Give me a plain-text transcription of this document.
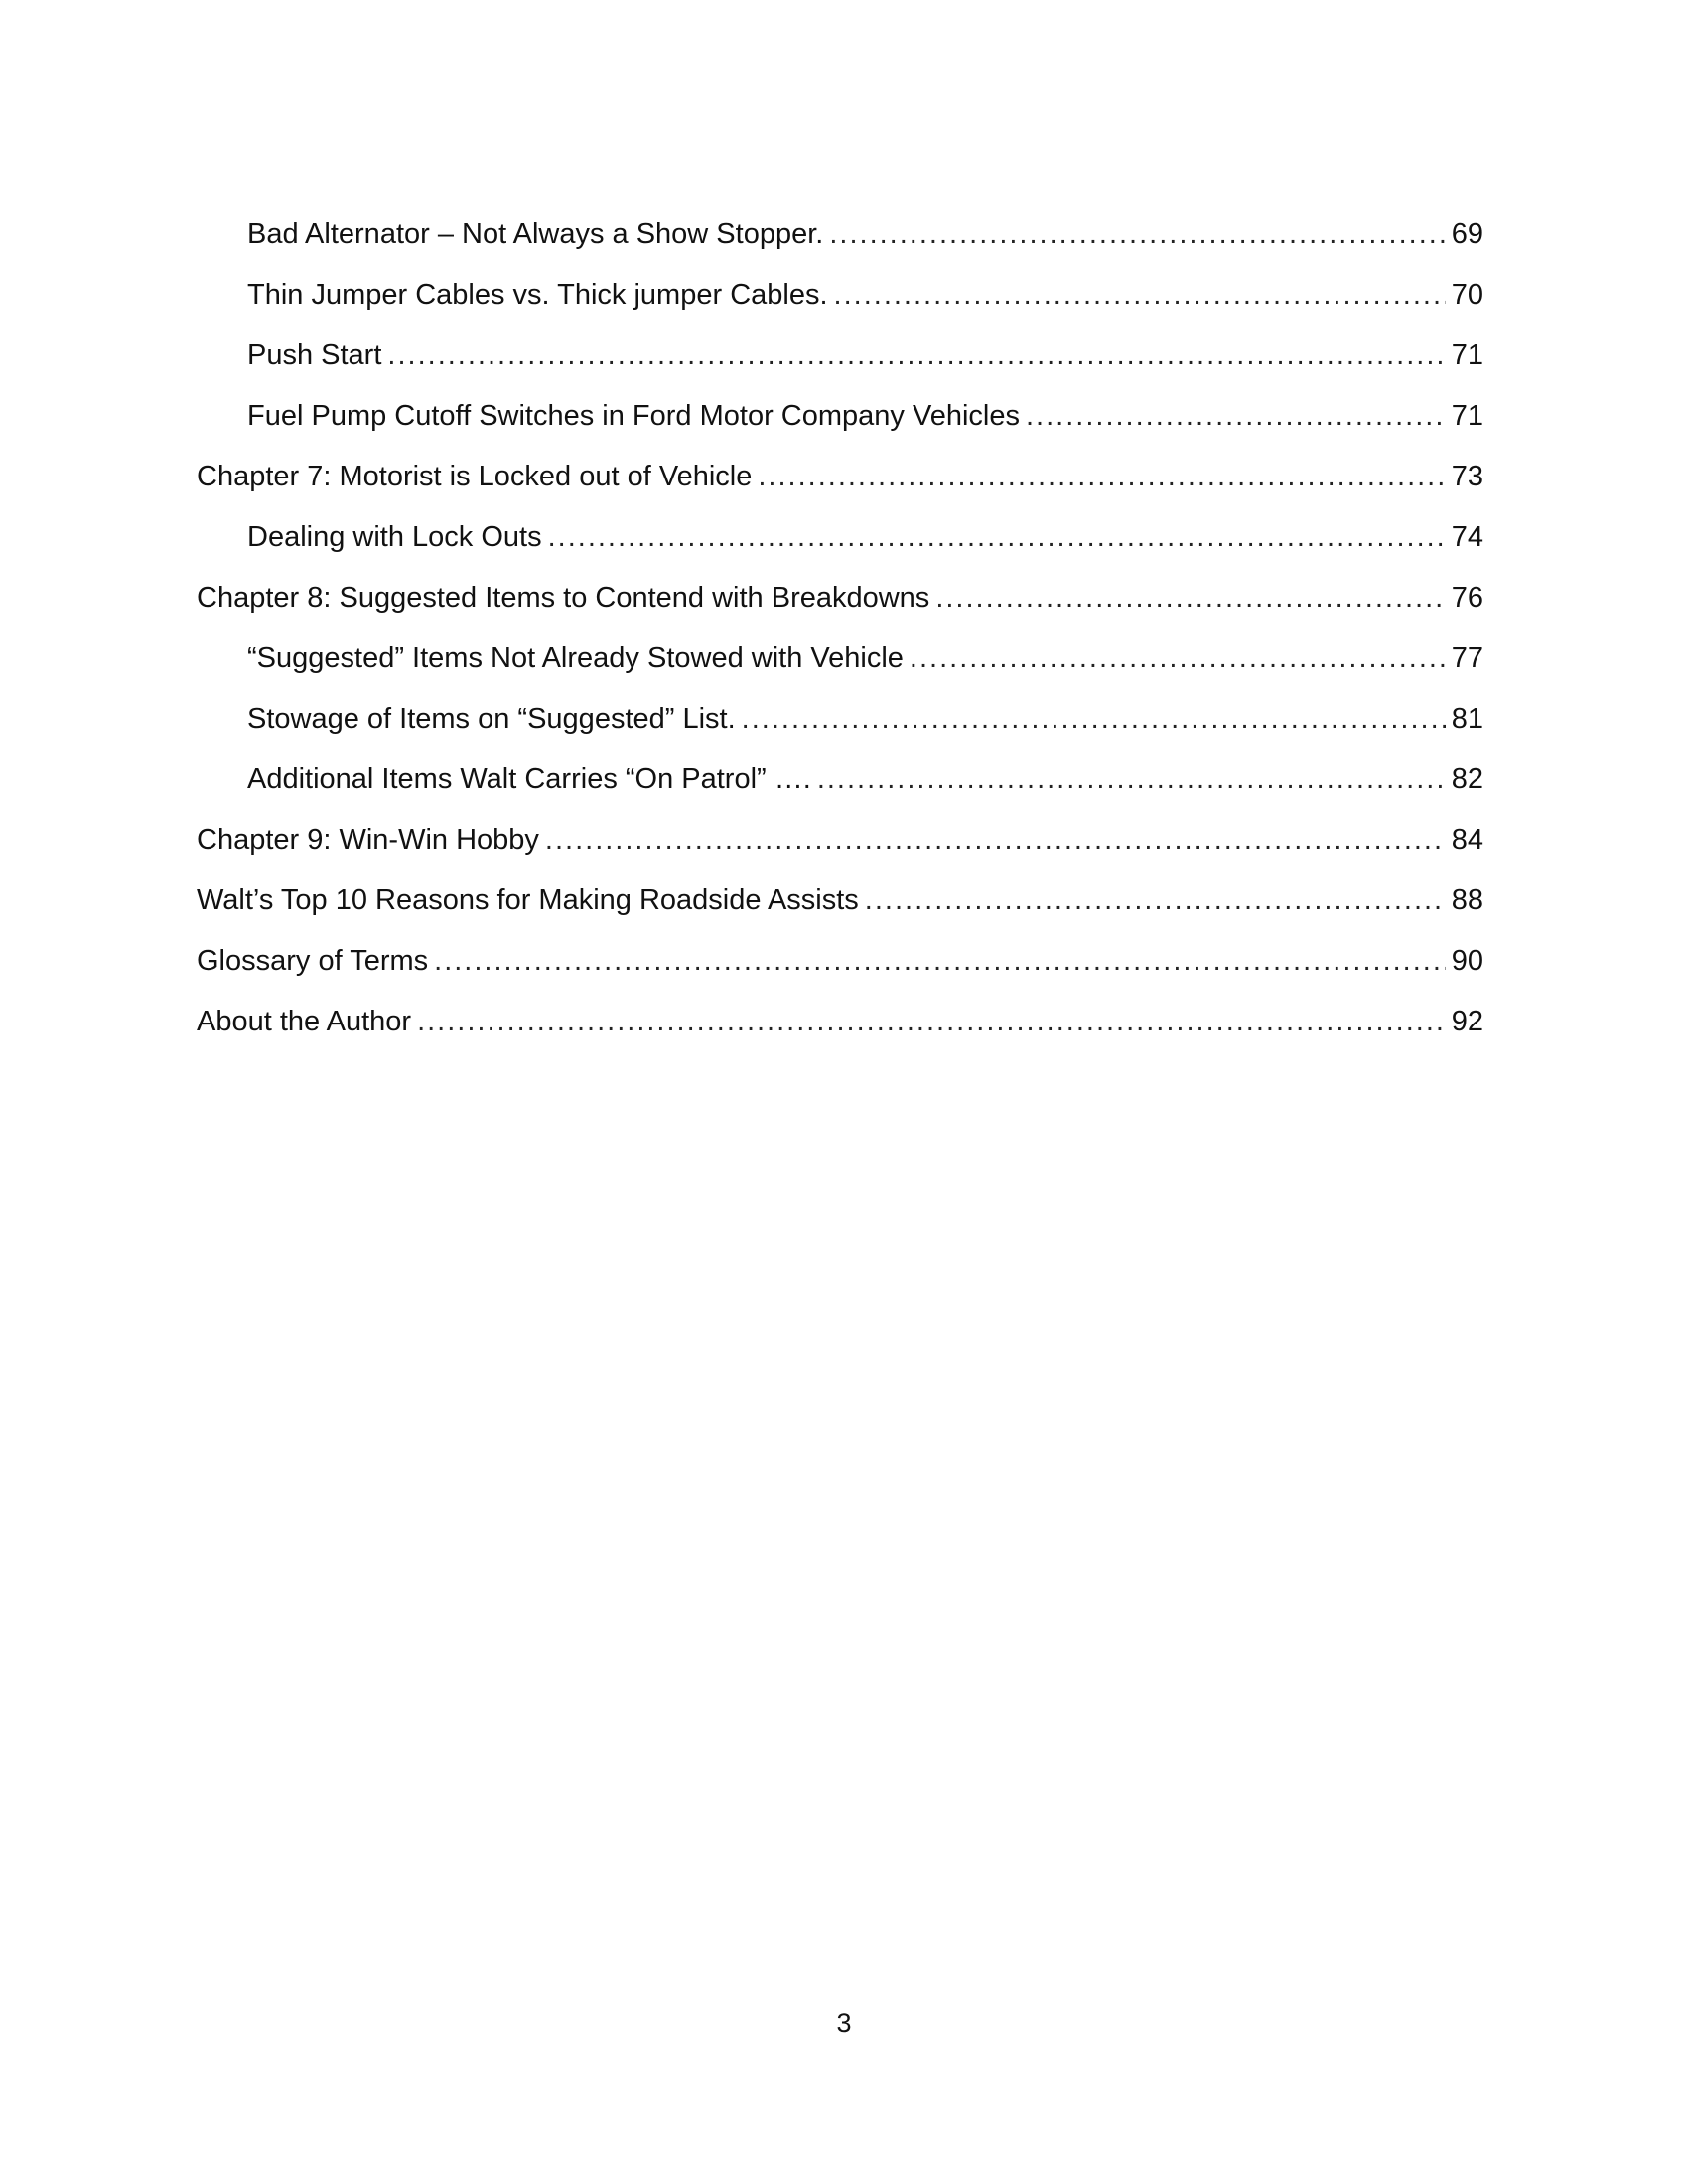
Bad Alternator – Not Always a Show Stopper. .....	69
Thin Jumper Cables vs. Thick jumper Cables. .....	70
Push Start .....	71
Fuel Pump Cutoff Switches in Ford Motor Company Vehicles .....	71
Chapter 7: Motorist is Locked out of Vehicle .....	73
Dealing with Lock Outs .....	74
Chapter 8: Suggested Items to Contend with Breakdowns .....	76
“Suggested” Items Not Already Stowed with Vehicle .....	77
Stowage of Items on “Suggested” List. .....	81
Additional Items Walt Carries “On Patrol” …. .....	82
Chapter 9: Win-Win Hobby .....	84
Walt’s Top 10 Reasons for Making Roadside Assists .....	88
Glossary of Terms .....	90
About the Author .....	92
3
